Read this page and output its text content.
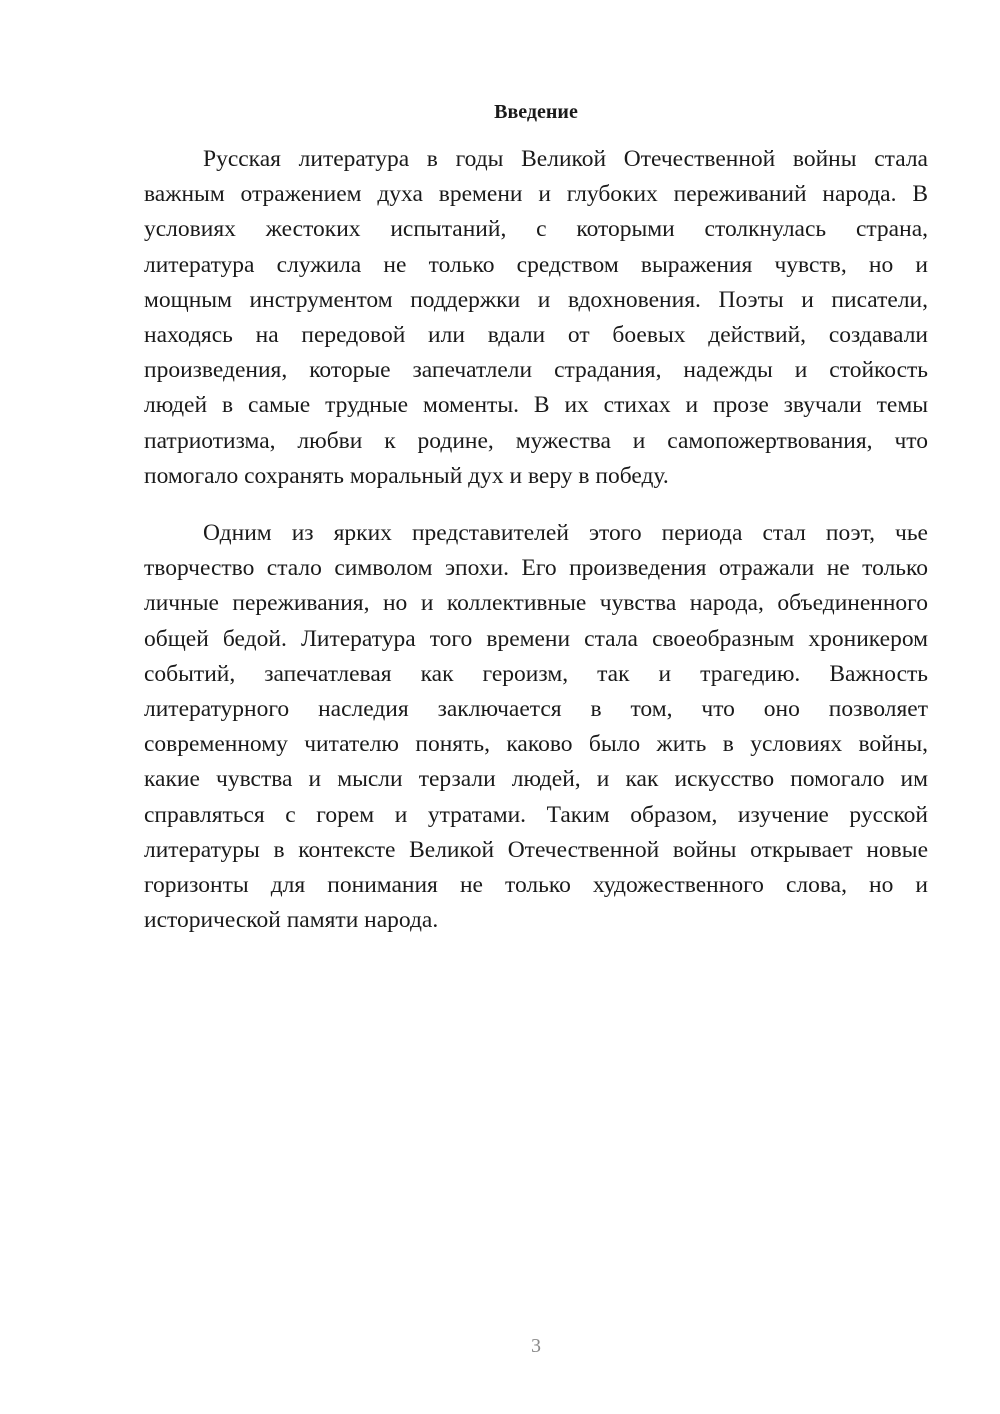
Введение
Русская литература в годы Великой Отечественной войны стала
важным отражением духа времени и глубоких переживаний народа. В
условиях жестоких испытаний, с которыми столкнулась страна,
литература служила не только средством выражения чувств, но и
мощным инструментом поддержки и вдохновения. Поэты и писатели,
находясь на передовой или вдали от боевых действий, создавали
произведения, которые запечатлели страдания, надежды и стойкость
людей в самые трудные моменты. В их стихах и прозе звучали темы
патриотизма, любви к родине, мужества и самопожертвования, что
помогало сохранять моральный дух и веру в победу.
Одним из ярких представителей этого периода стал поэт, чье
творчество стало символом эпохи. Его произведения отражали не только
личные переживания, но и коллективные чувства народа, объединенного
общей бедой. Литература того времени стала своеобразным хроникером
событий, запечатлевая как героизм, так и трагедию. Важность
литературного наследия заключается в том, что оно позволяет
современному читателю понять, каково было жить в условиях войны,
какие чувства и мысли терзали людей, и как искусство помогало им
справляться с горем и утратами. Таким образом, изучение русской
литературы в контексте Великой Отечественной войны открывает новые
горизонты для понимания не только художественного слова, но и
исторической памяти народа.
3
